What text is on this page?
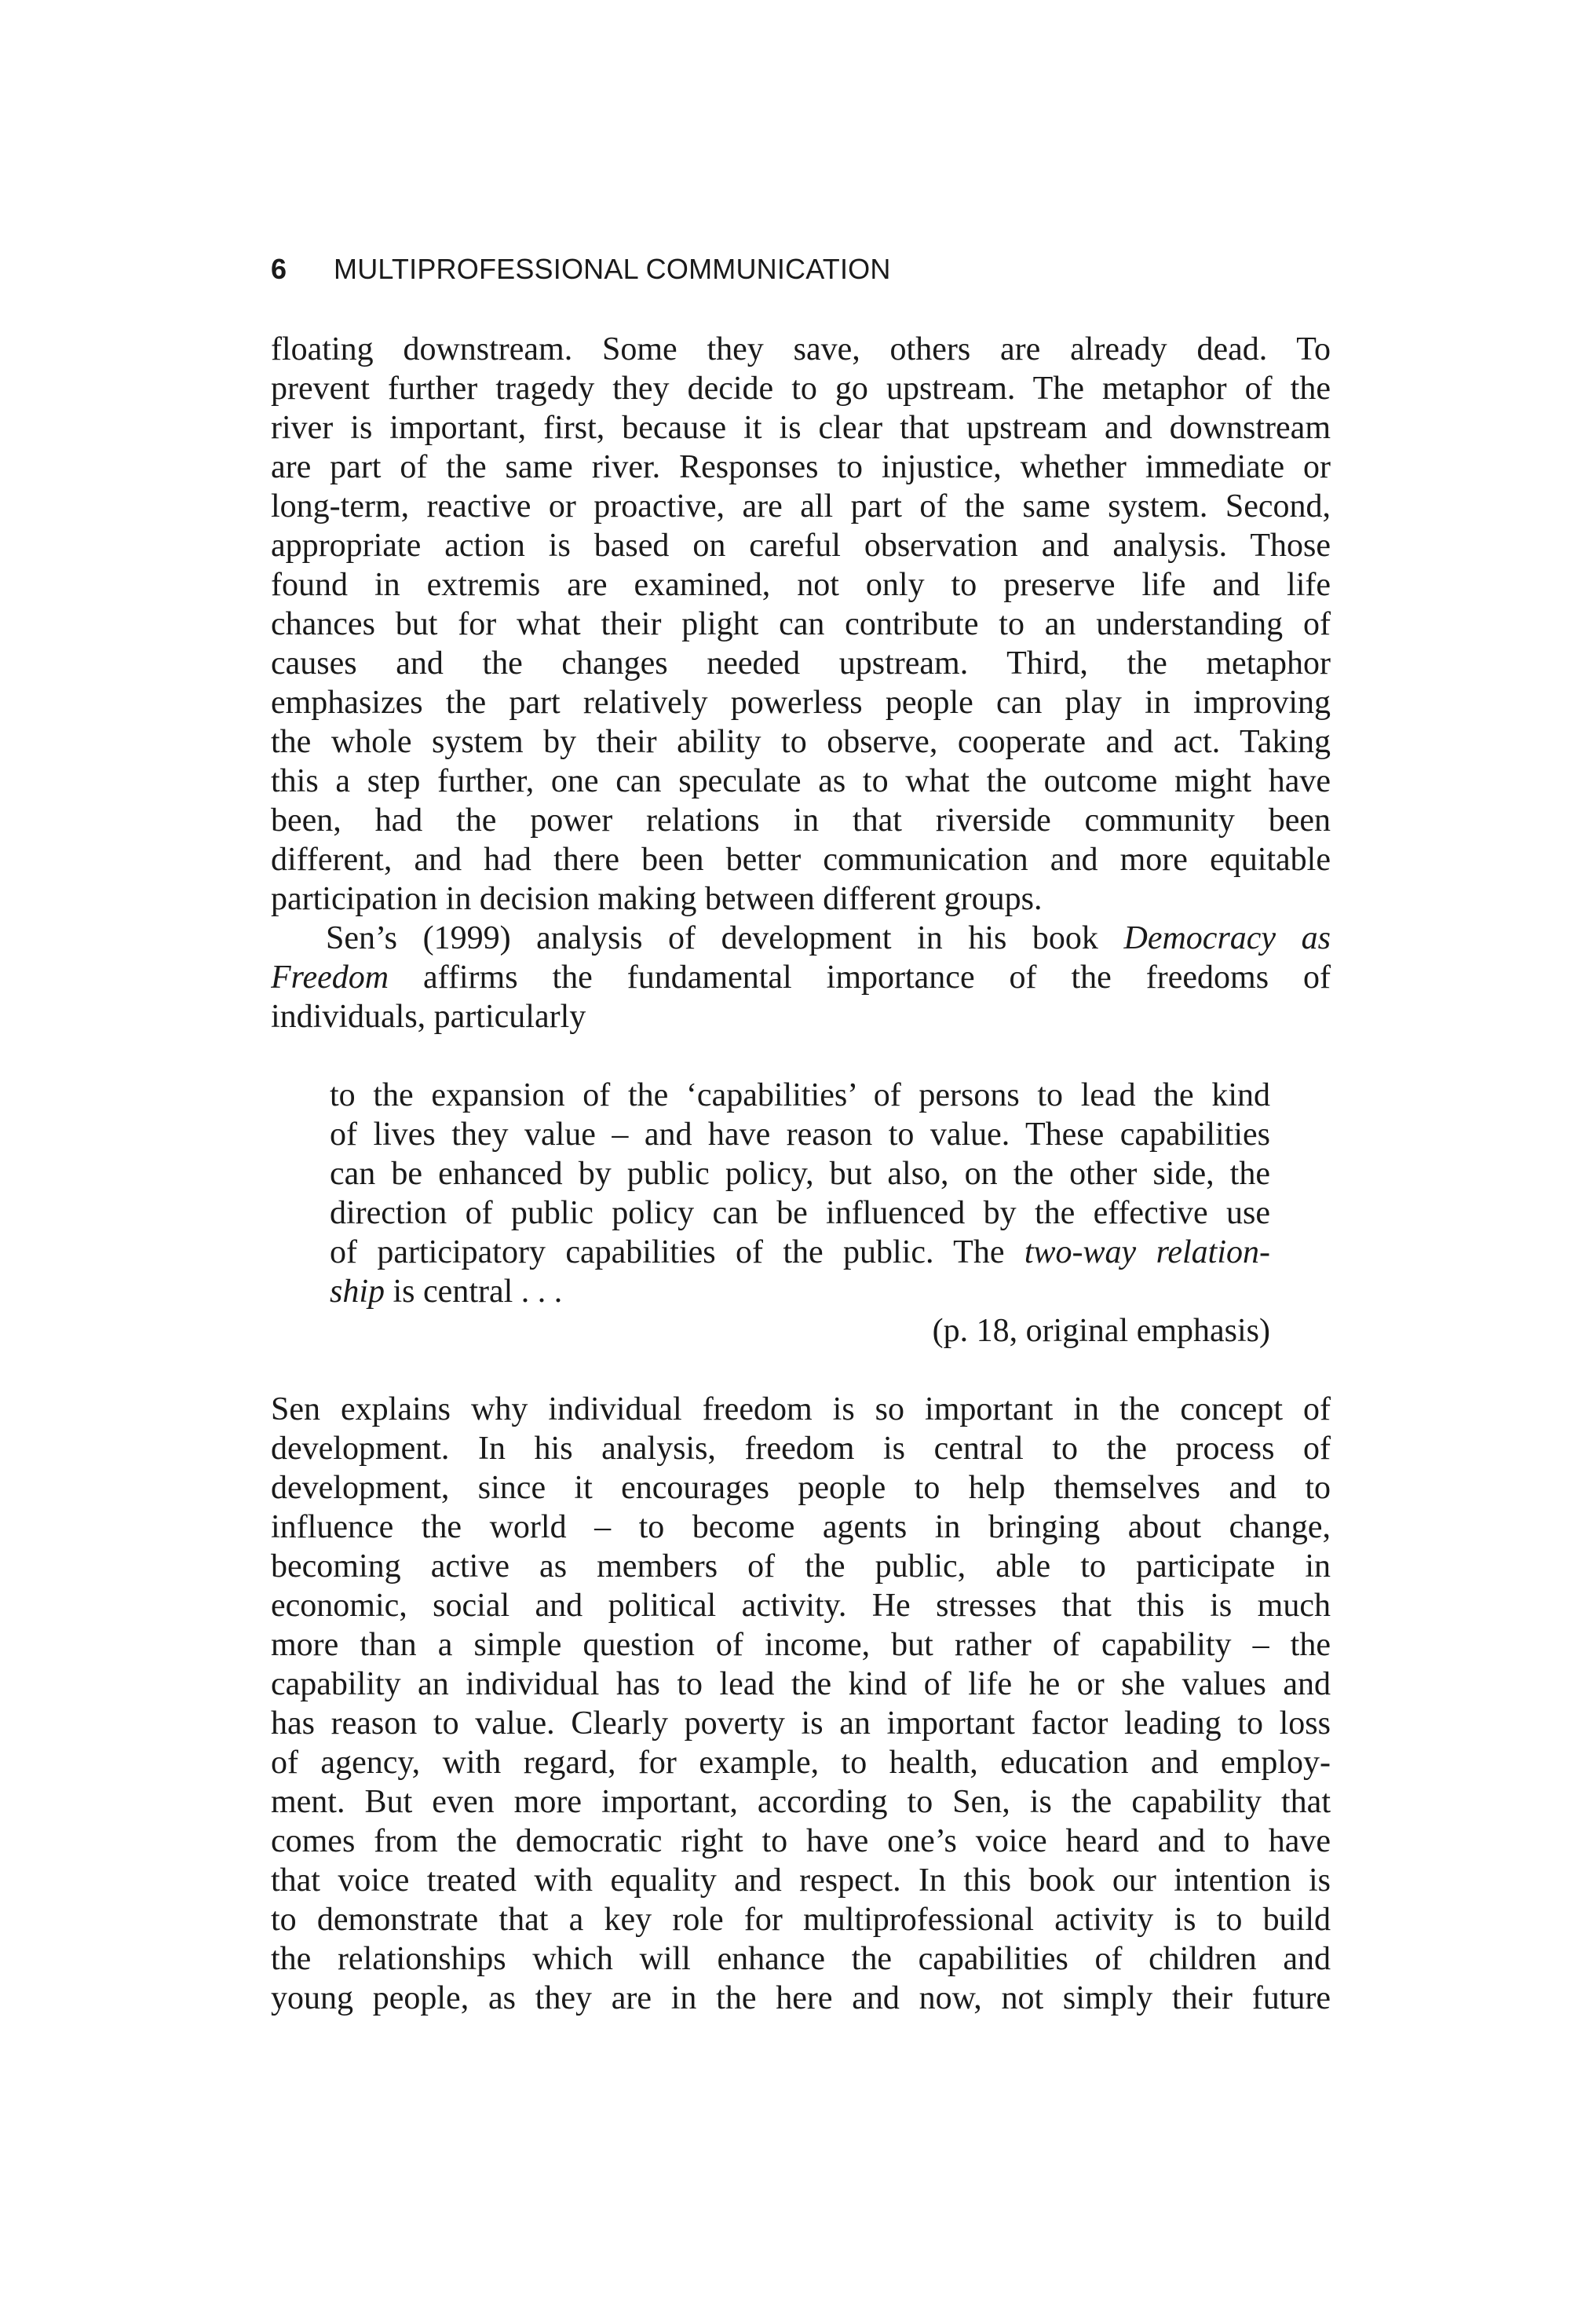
6	MULTIPROFESSIONAL COMMUNICATION

floating downstream. Some they save, others are already dead. To
prevent further tragedy they decide to go upstream. The metaphor of the
river is important, first, because it is clear that upstream and downstream
are part of the same river. Responses to injustice, whether immediate or
long-term, reactive or proactive, are all part of the same system. Second,
appropriate action is based on careful observation and analysis. Those
found in extremis are examined, not only to preserve life and life
chances but for what their plight can contribute to an understanding of
causes and the changes needed upstream. Third, the metaphor
emphasizes the part relatively powerless people can play in improving
the whole system by their ability to observe, cooperate and act. Taking
this a step further, one can speculate as to what the outcome might have
been, had the power relations in that riverside community been
different, and had there been better communication and more equitable
participation in decision making between different groups.

Sen’s (1999) analysis of development in his book Democracy as
Freedom affirms the fundamental importance of the freedoms of
individuals, particularly

to the expansion of the ‘capabilities’ of persons to lead the kind
of lives they value – and have reason to value. These capabilities
can be enhanced by public policy, but also, on the other side, the
direction of public policy can be influenced by the effective use
of participatory capabilities of the public. The two-way relation-
ship is central . . .
(p. 18, original emphasis)

Sen explains why individual freedom is so important in the concept of
development. In his analysis, freedom is central to the process of
development, since it encourages people to help themselves and to
influence the world – to become agents in bringing about change,
becoming active as members of the public, able to participate in
economic, social and political activity. He stresses that this is much
more than a simple question of income, but rather of capability – the
capability an individual has to lead the kind of life he or she values and
has reason to value. Clearly poverty is an important factor leading to loss
of agency, with regard, for example, to health, education and employ-
ment. But even more important, according to Sen, is the capability that
comes from the democratic right to have one’s voice heard and to have
that voice treated with equality and respect. In this book our intention is
to demonstrate that a key role for multiprofessional activity is to build
the relationships which will enhance the capabilities of children and
young people, as they are in the here and now, not simply their future
